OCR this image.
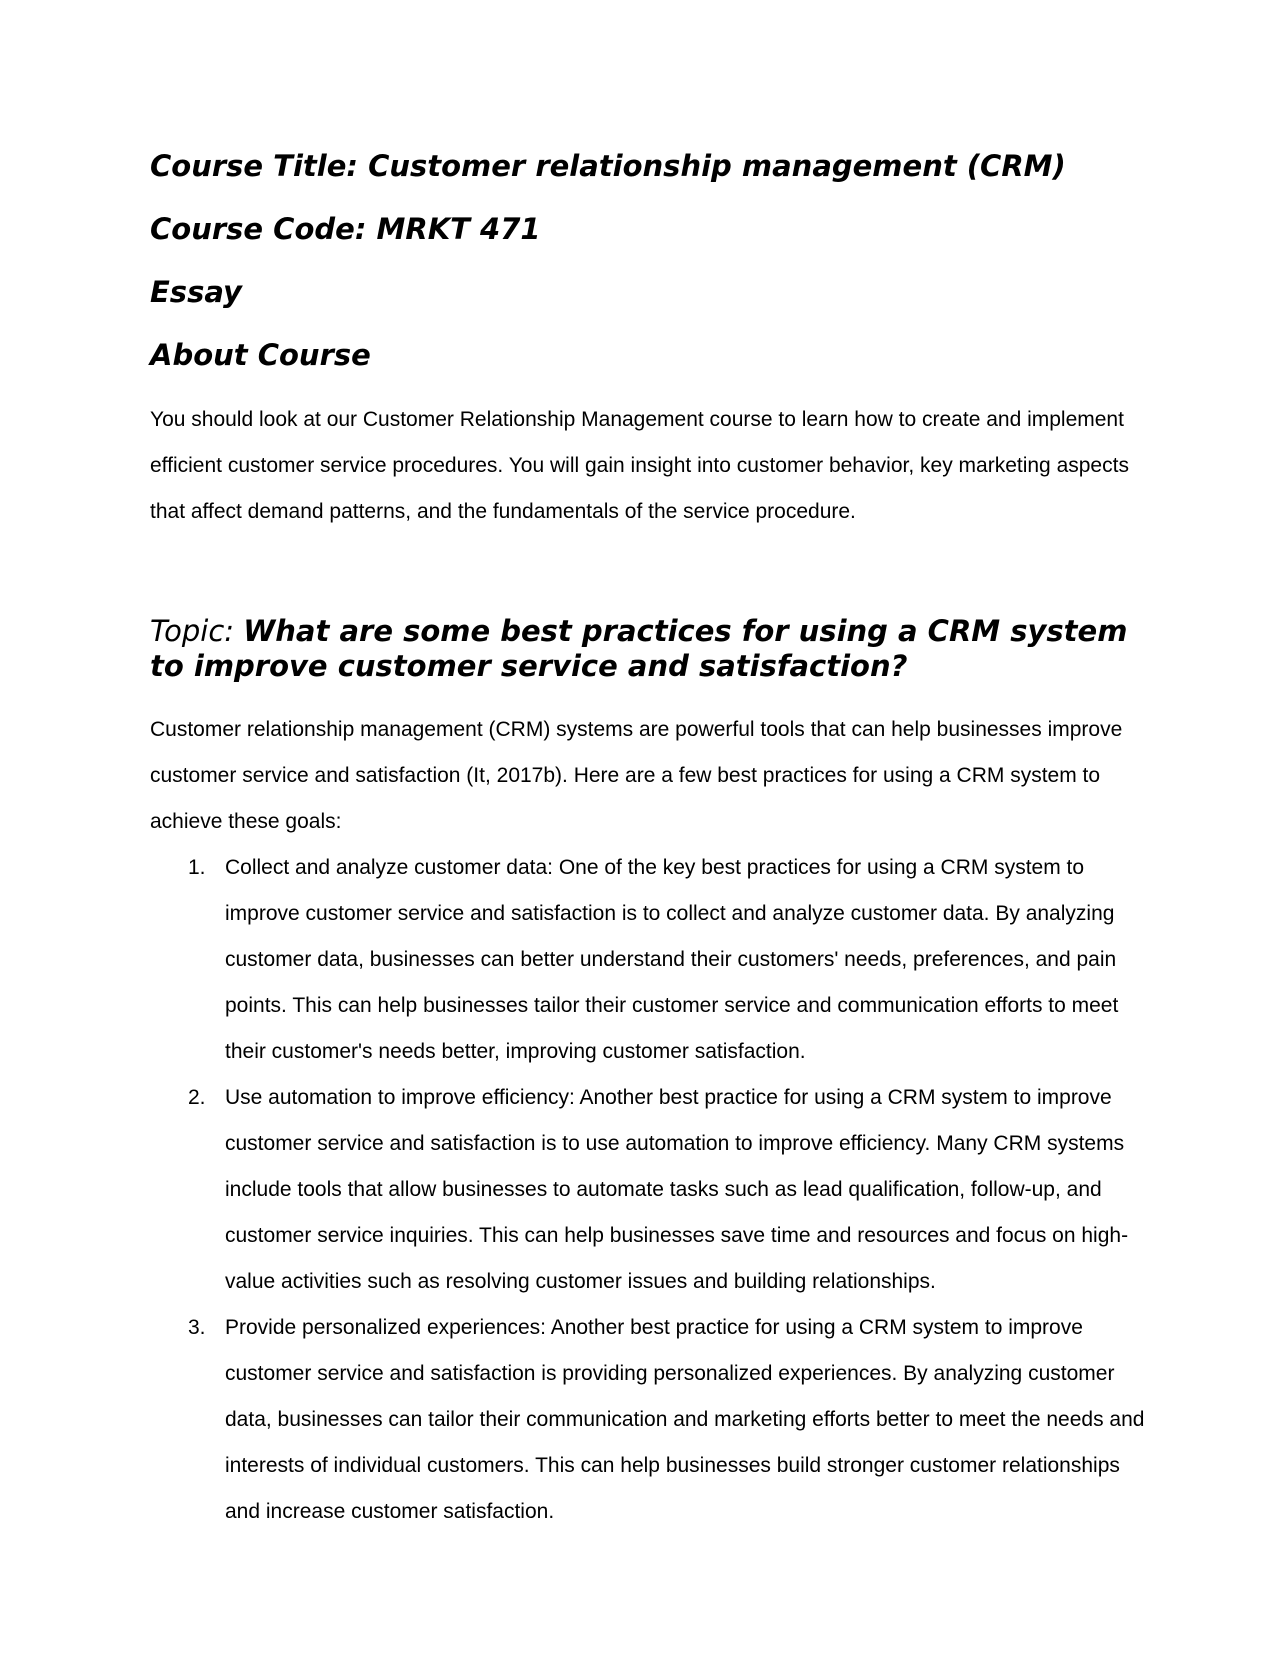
Course Title: Customer relationship management (CRM)
Course Code: MRKT 471
Essay
About Course

You should look at our Customer Relationship Management course to learn how to create and implement efficient customer service procedures. You will gain insight into customer behavior, key marketing aspects that affect demand patterns, and the fundamentals of the service procedure.

Topic: What are some best practices for using a CRM system to improve customer service and satisfaction?

Customer relationship management (CRM) systems are powerful tools that can help businesses improve customer service and satisfaction (It, 2017b). Here are a few best practices for using a CRM system to achieve these goals:

1. Collect and analyze customer data: One of the key best practices for using a CRM system to improve customer service and satisfaction is to collect and analyze customer data. By analyzing customer data, businesses can better understand their customers' needs, preferences, and pain points. This can help businesses tailor their customer service and communication efforts to meet their customer's needs better, improving customer satisfaction.
2. Use automation to improve efficiency: Another best practice for using a CRM system to improve customer service and satisfaction is to use automation to improve efficiency. Many CRM systems include tools that allow businesses to automate tasks such as lead qualification, follow-up, and customer service inquiries. This can help businesses save time and resources and focus on high-value activities such as resolving customer issues and building relationships.
3. Provide personalized experiences: Another best practice for using a CRM system to improve customer service and satisfaction is providing personalized experiences. By analyzing customer data, businesses can tailor their communication and marketing efforts better to meet the needs and interests of individual customers. This can help businesses build stronger customer relationships and increase customer satisfaction.
